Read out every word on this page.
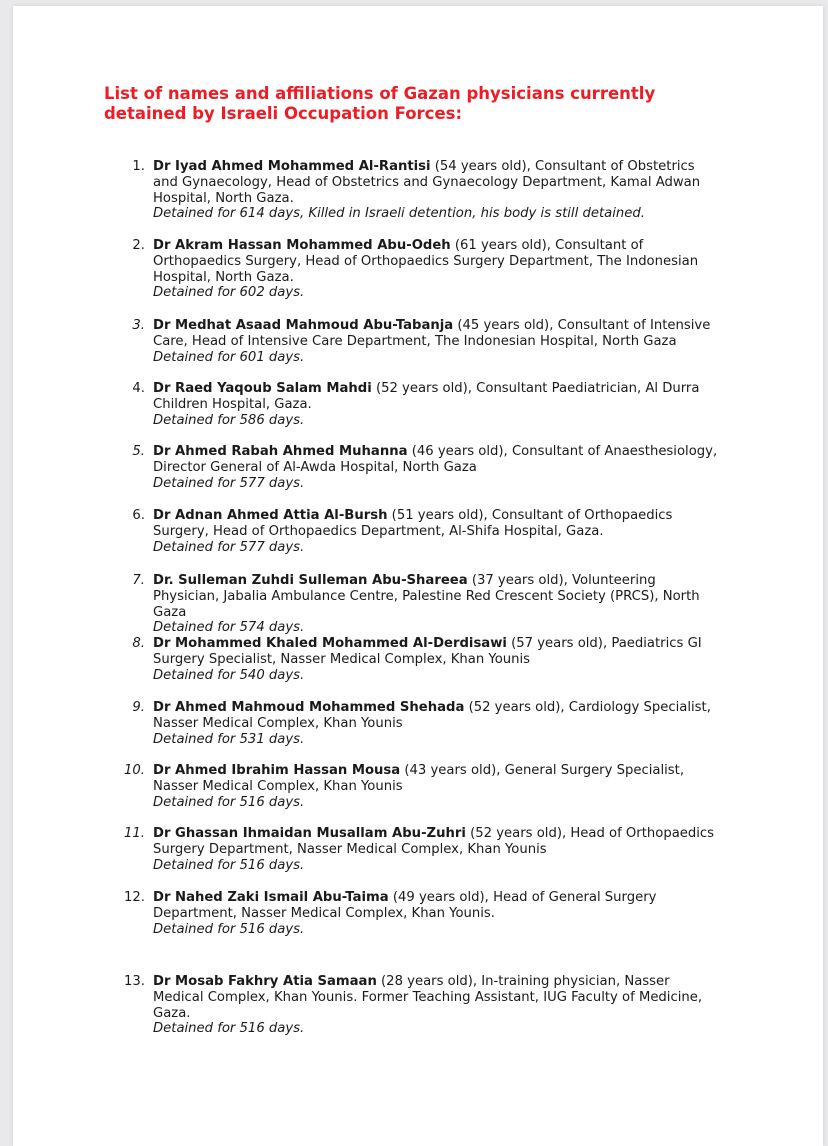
List of names and affiliations of Gazan physicians currently detained by Israeli Occupation Forces:
1. Dr Iyad Ahmed Mohammed Al-Rantisi (54 years old), Consultant of Obstetrics and Gynaecology, Head of Obstetrics and Gynaecology Department, Kamal Adwan Hospital, North Gaza.
Detained for 614 days, Killed in Israeli detention, his body is still detained.
2. Dr Akram Hassan Mohammed Abu-Odeh (61 years old), Consultant of Orthopaedics Surgery, Head of Orthopaedics Surgery Department, The Indonesian Hospital, North Gaza.
Detained for 602 days.
3. Dr Medhat Asaad Mahmoud Abu-Tabanja (45 years old), Consultant of Intensive Care, Head of Intensive Care Department, The Indonesian Hospital, North Gaza
Detained for 601 days.
4. Dr Raed Yaqoub Salam Mahdi (52 years old), Consultant Paediatrician, Al Durra Children Hospital, Gaza.
Detained for 586 days.
5. Dr Ahmed Rabah Ahmed Muhanna (46 years old), Consultant of Anaesthesiology, Director General of Al-Awda Hospital, North Gaza
Detained for 577 days.
6. Dr Adnan Ahmed Attia Al-Bursh (51 years old), Consultant of Orthopaedics Surgery, Head of Orthopaedics Department, Al-Shifa Hospital, Gaza.
Detained for 577 days.
7. Dr. Sulleman Zuhdi Sulleman Abu-Shareea (37 years old), Volunteering Physician, Jabalia Ambulance Centre, Palestine Red Crescent Society (PRCS), North Gaza
Detained for 574 days.
8. Dr Mohammed Khaled Mohammed Al-Derdisawi (57 years old), Paediatrics GI Surgery Specialist, Nasser Medical Complex, Khan Younis
Detained for 540 days.
9. Dr Ahmed Mahmoud Mohammed Shehada (52 years old), Cardiology Specialist, Nasser Medical Complex, Khan Younis
Detained for 531 days.
10. Dr Ahmed Ibrahim Hassan Mousa (43 years old), General Surgery Specialist, Nasser Medical Complex, Khan Younis
Detained for 516 days.
11. Dr Ghassan Ihmaidan Musallam Abu-Zuhri (52 years old), Head of Orthopaedics Surgery Department, Nasser Medical Complex, Khan Younis
Detained for 516 days.
12. Dr Nahed Zaki Ismail Abu-Taima (49 years old), Head of General Surgery Department, Nasser Medical Complex, Khan Younis.
Detained for 516 days.
13. Dr Mosab Fakhry Atia Samaan (28 years old), In-training physician, Nasser Medical Complex, Khan Younis. Former Teaching Assistant, IUG Faculty of Medicine, Gaza.
Detained for 516 days.
